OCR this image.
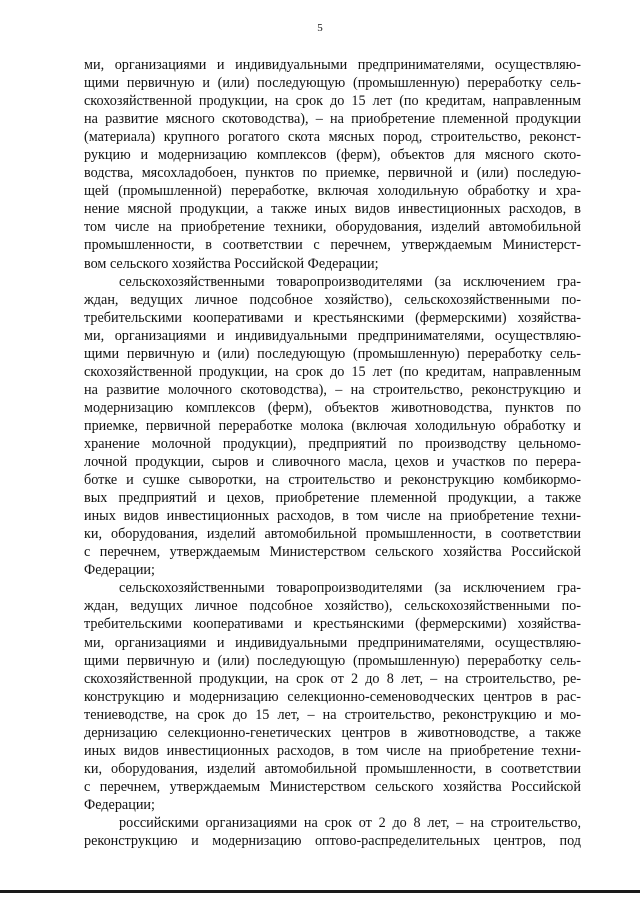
5
ми, организациями и индивидуальными предпринимателями, осуществляю-
щими первичную и (или) последующую (промышленную) переработку сель-
скохозяйственной продукции, на срок до 15 лет (по кредитам, направленным
на развитие мясного скотоводства), – на приобретение племенной продукции
(материала) крупного рогатого скота мясных пород, строительство, реконст-
рукцию и модернизацию комплексов (ферм), объектов для мясного ското-
водства, мясохладобоен, пунктов по приемке, первичной и (или) последую-
щей (промышленной) переработке, включая холодильную обработку и хра-
нение мясной продукции, а также иных видов инвестиционных расходов, в
том числе на приобретение техники, оборудования, изделий автомобильной
промышленности, в соответствии с перечнем, утверждаемым Министерст-
вом сельского хозяйства Российской Федерации;
сельскохозяйственными товаропроизводителями (за исключением гра-
ждан, ведущих личное подсобное хозяйство), сельскохозяйственными по-
требительскими кооперативами и крестьянскими (фермерскими) хозяйства-
ми, организациями и индивидуальными предпринимателями, осуществляю-
щими первичную и (или) последующую (промышленную) переработку сель-
скохозяйственной продукции, на срок до 15 лет (по кредитам, направленным
на развитие молочного скотоводства), – на строительство, реконструкцию и
модернизацию комплексов (ферм), объектов животноводства, пунктов по
приемке, первичной переработке молока (включая холодильную обработку и
хранение молочной продукции), предприятий по производству цельномо-
лочной продукции, сыров и сливочного масла, цехов и участков по перера-
ботке и сушке сыворотки, на строительство и реконструкцию комбикормо-
вых предприятий и цехов, приобретение племенной продукции, а также
иных видов инвестиционных расходов, в том числе на приобретение техни-
ки, оборудования, изделий автомобильной промышленности, в соответствии
с перечнем, утверждаемым Министерством сельского хозяйства Российской
Федерации;
сельскохозяйственными товаропроизводителями (за исключением гра-
ждан, ведущих личное подсобное хозяйство), сельскохозяйственными по-
требительскими кооперативами и крестьянскими (фермерскими) хозяйства-
ми, организациями и индивидуальными предпринимателями, осуществляю-
щими первичную и (или) последующую (промышленную) переработку сель-
скохозяйственной продукции, на срок от 2 до 8 лет, – на строительство, ре-
конструкцию и модернизацию селекционно-семеноводческих центров в рас-
тениеводстве, на срок до 15 лет, – на строительство, реконструкцию и мо-
дернизацию селекционно-генетических центров в животноводстве, а также
иных видов инвестиционных расходов, в том числе на приобретение техни-
ки, оборудования, изделий автомобильной промышленности, в соответствии
с перечнем, утверждаемым Министерством сельского хозяйства Российской
Федерации;
российскими организациями на срок от 2 до 8 лет, – на строительство,
реконструкцию и модернизацию оптово-распределительных центров, под
